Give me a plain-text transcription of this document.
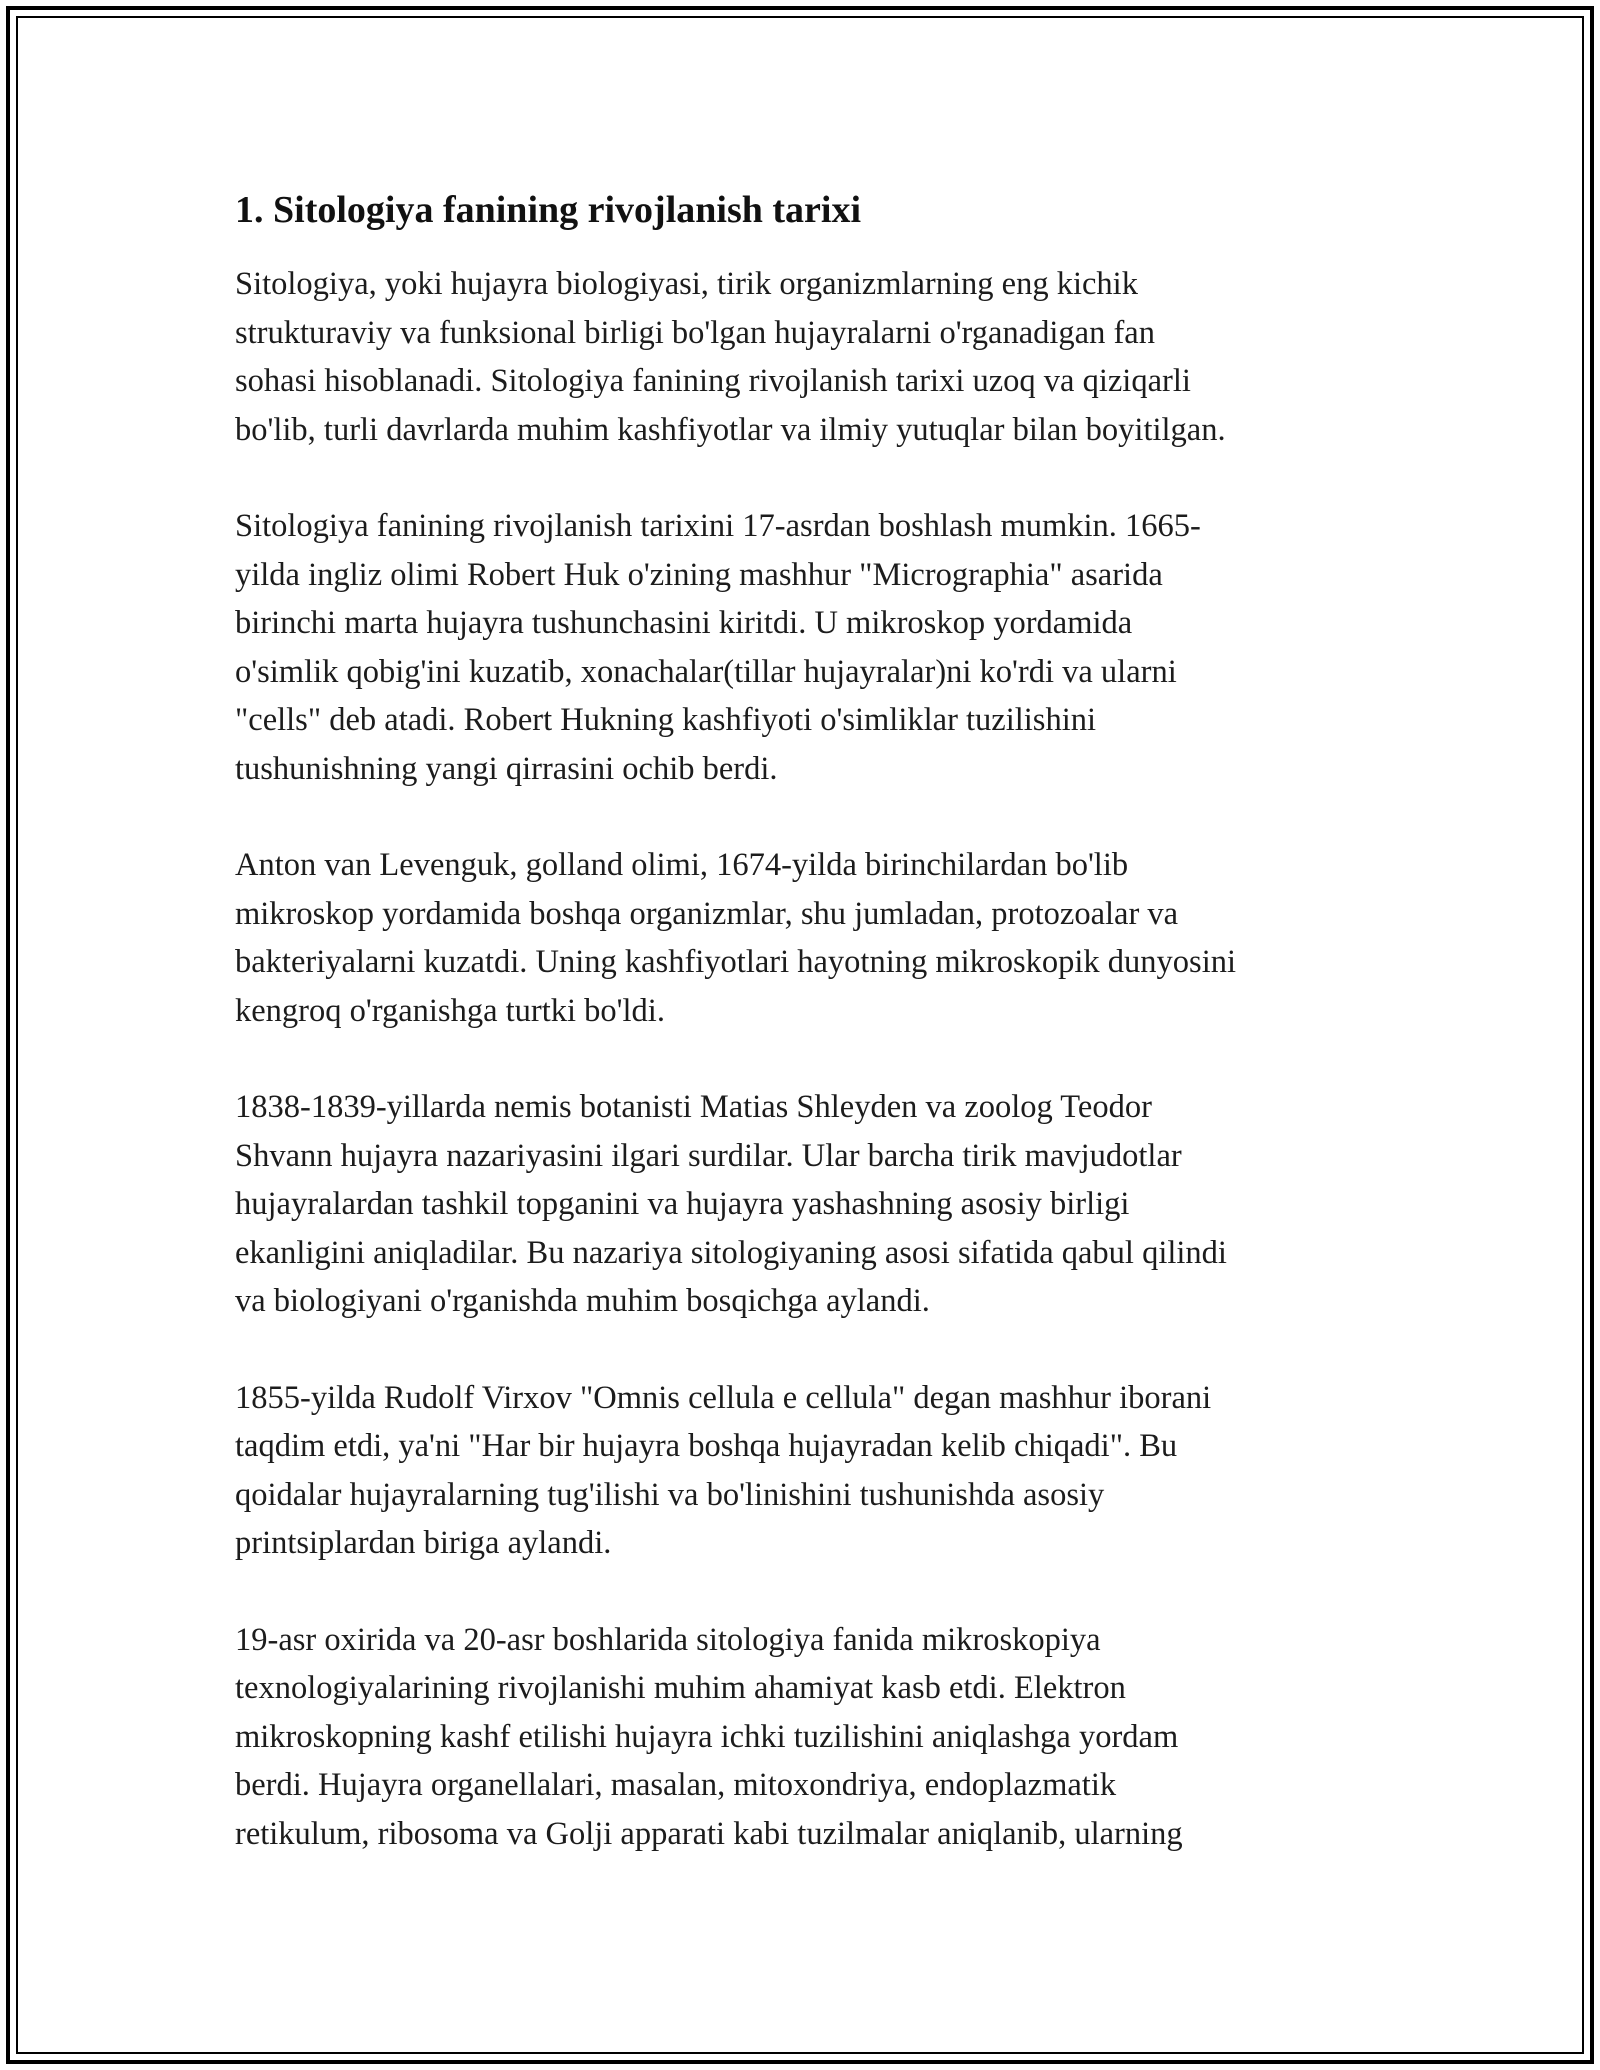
1. Sitologiya fanining rivojlanish tarixi

Sitologiya, yoki hujayra biologiyasi, tirik organizmlarning eng kichik
strukturaviy va funksional birligi bo'lgan hujayralarni o'rganadigan fan
sohasi hisoblanadi. Sitologiya fanining rivojlanish tarixi uzoq va qiziqarli
bo'lib, turli davrlarda muhim kashfiyotlar va ilmiy yutuqlar bilan boyitilgan.

Sitologiya fanining rivojlanish tarixini 17-asrdan boshlash mumkin. 1665-
yilda ingliz olimi Robert Huk o'zining mashhur "Micrographia" asarida
birinchi marta hujayra tushunchasini kiritdi. U mikroskop yordamida
o'simlik qobig'ini kuzatib, xonachalar(tillar hujayralar)ni ko'rdi va ularni
"cells" deb atadi. Robert Hukning kashfiyoti o'simliklar tuzilishini
tushunishning yangi qirrasini ochib berdi.

Anton van Levenguk, golland olimi, 1674-yilda birinchilardan bo'lib
mikroskop yordamida boshqa organizmlar, shu jumladan, protozoalar va
bakteriyalarni kuzatdi. Uning kashfiyotlari hayotning mikroskopik dunyosini
kengroq o'rganishga turtki bo'ldi.

1838-1839-yillarda nemis botanisti Matias Shleyden va zoolog Teodor
Shvann hujayra nazariyasini ilgari surdilar. Ular barcha tirik mavjudotlar
hujayralardan tashkil topganini va hujayra yashashning asosiy birligi
ekanligini aniqladilar. Bu nazariya sitologiyaning asosi sifatida qabul qilindi
va biologiyani o'rganishda muhim bosqichga aylandi.

1855-yilda Rudolf Virxov "Omnis cellula e cellula" degan mashhur iborani
taqdim etdi, ya'ni "Har bir hujayra boshqa hujayradan kelib chiqadi". Bu
qoidalar hujayralarning tug'ilishi va bo'linishini tushunishda asosiy
printsiplardan biriga aylandi.

19-asr oxirida va 20-asr boshlarida sitologiya fanida mikroskopiya
texnologiyalarining rivojlanishi muhim ahamiyat kasb etdi. Elektron
mikroskopning kashf etilishi hujayra ichki tuzilishini aniqlashga yordam
berdi. Hujayra organellalari, masalan, mitoxondriya, endoplazmatik
retikulum, ribosoma va Golji apparati kabi tuzilmalar aniqlanib, ularning
